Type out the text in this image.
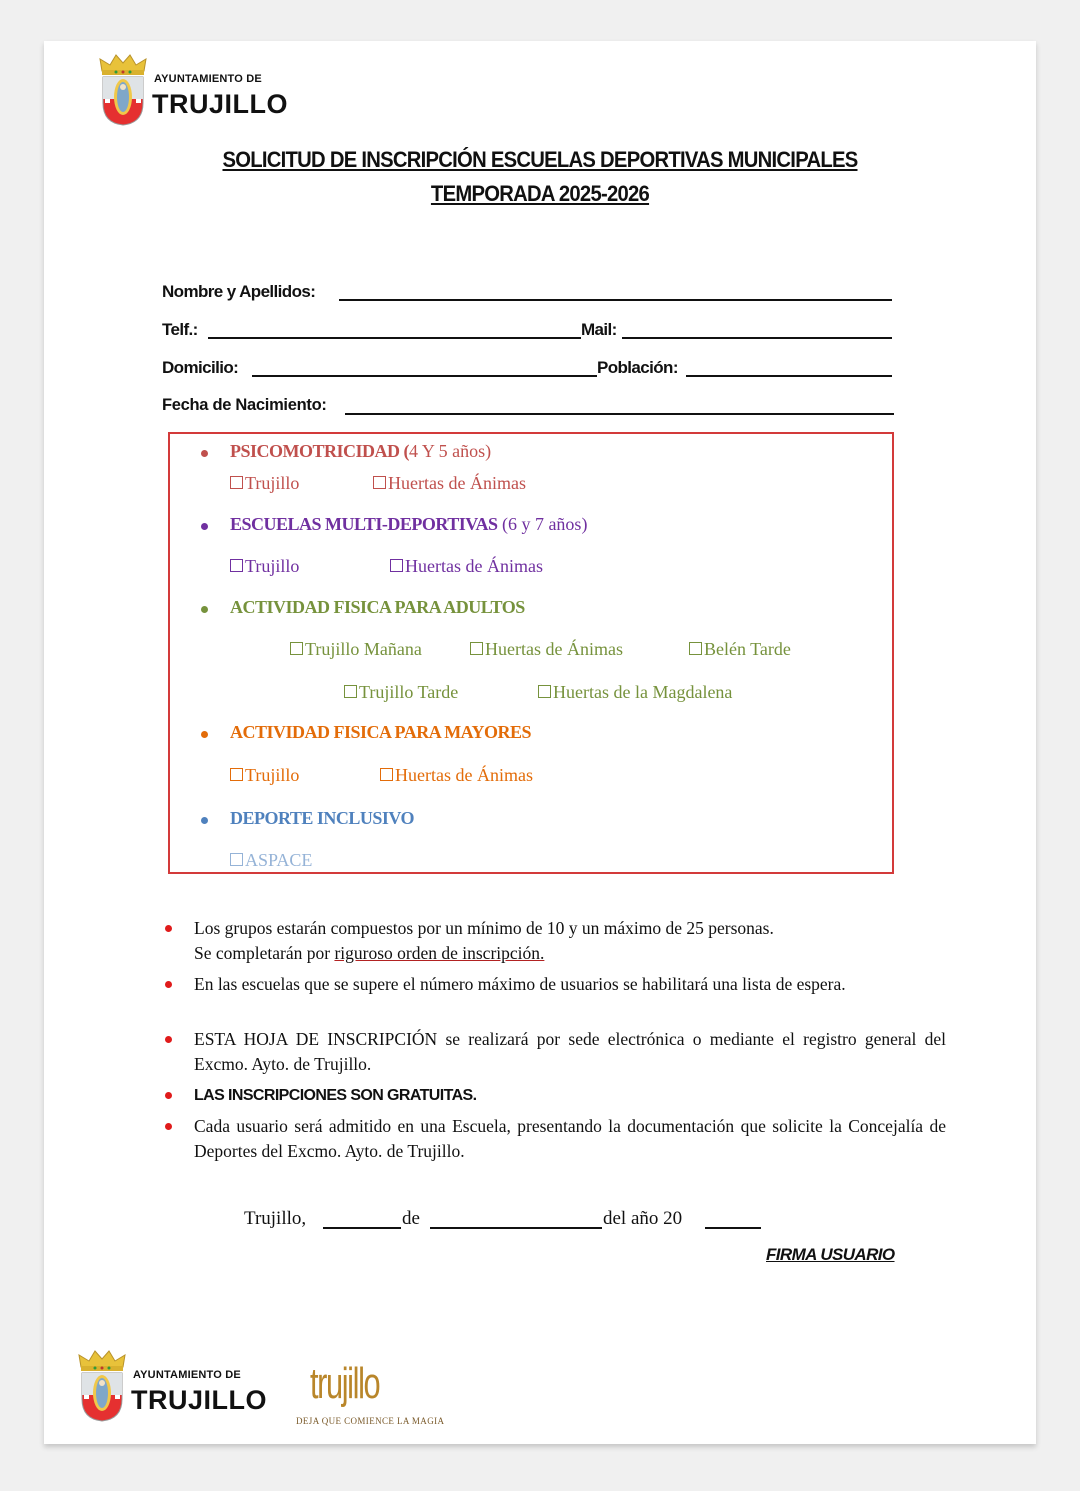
AYUNTAMIENTO DE
TRUJILLO
SOLICITUD DE INSCRIPCIÓN ESCUELAS DEPORTIVAS MUNICIPALES
TEMPORADA 2025-2026
Nombre y Apellidos:
Telf.:	Mail:
Domicilio:	Población:
Fecha de Nacimiento:
PSICOMOTRICIDAD (4 Y 5 años)
Trujillo	Huertas de Ánimas
ESCUELAS MULTI-DEPORTIVAS (6 y 7 años)
Trujillo	Huertas de Ánimas
ACTIVIDAD FISICA PARA ADULTOS
Trujillo Mañana	Huertas de Ánimas	Belén Tarde
Trujillo Tarde	Huertas de la Magdalena
ACTIVIDAD FISICA PARA MAYORES
Trujillo	Huertas de Ánimas
DEPORTE INCLUSIVO
ASPACE
Los grupos estarán compuestos por un mínimo de 10 y un máximo de 25 personas.
Se completarán por riguroso orden de inscripción.
En las escuelas que se supere el número máximo de usuarios se habilitará una lista de espera.
ESTA HOJA DE INSCRIPCIÓN se realizará por sede electrónica o mediante el registro general del Excmo. Ayto. de Trujillo.
LAS INSCRIPCIONES SON GRATUITAS.
Cada usuario será admitido en una Escuela, presentando la documentación que solicite la Concejalía de Deportes del Excmo. Ayto. de Trujillo.
Trujillo,	de	del año 20
FIRMA USUARIO
AYUNTAMIENTO DE
TRUJILLO trujillo
DEJA QUE COMIENCE LA MAGIA
